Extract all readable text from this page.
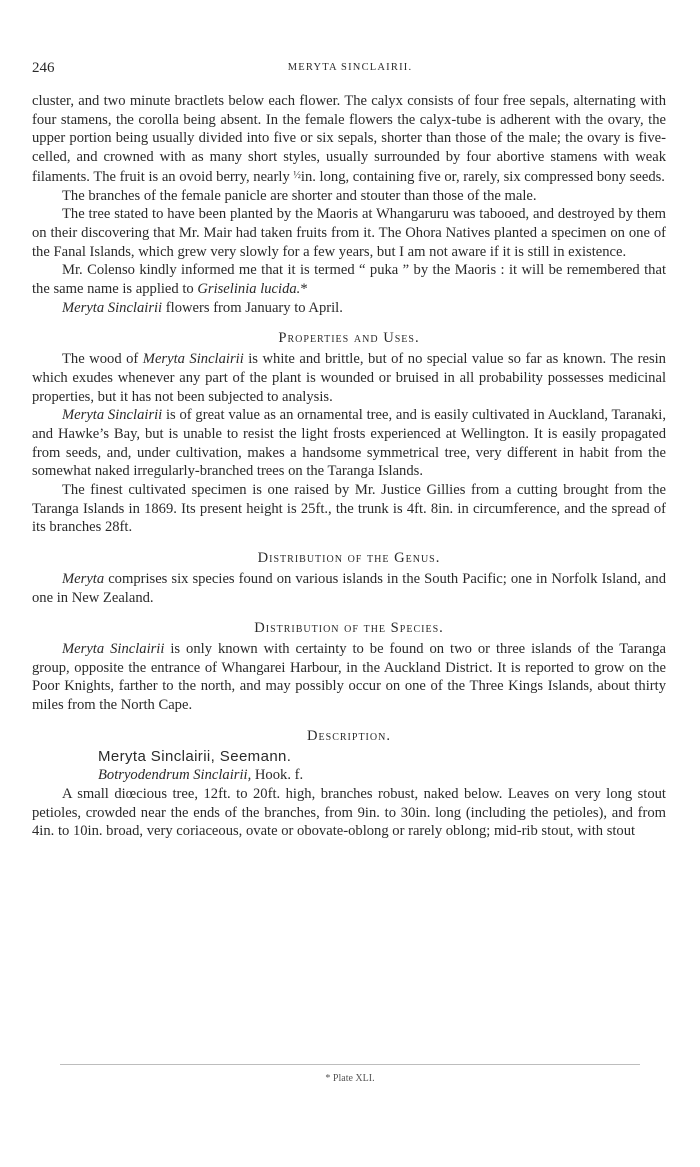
246	MERYTA SINCLAIRII.

cluster, and two minute bractlets below each flower. The calyx consists of four free sepals, alternating with four stamens, the corolla being absent. In the female flowers the calyx-tube is adherent with the ovary, the upper portion being usually divided into five or six sepals, shorter than those of the male; the ovary is five-celled, and crowned with as many short styles, usually surrounded by four abortive stamens with weak filaments. The fruit is an ovoid berry, nearly $^{\frac{1}{2}}$in. long, containing five or, rarely, six compressed bony seeds.

The branches of the female panicle are shorter and stouter than those of the male.

The tree stated to have been planted by the Maoris at Whangaruru was tabooed, and destroyed by them on their discovering that Mr. Mair had taken fruits from it. The Ohora Natives planted a specimen on one of the Fanal Islands, which grew very slowly for a few years, but I am not aware if it is still in existence.

Mr. Colenso kindly informed me that it is termed “ puka ” by the Maoris : it will be remembered that the same name is applied to Griselinia lucida.*

Meryta Sinclairii flowers from January to April.

Properties and Uses.

The wood of Meryta Sinclairii is white and brittle, but of no special value so far as known. The resin which exudes whenever any part of the plant is wounded or bruised in all probability possesses medicinal properties, but it has not been subjected to analysis.

Meryta Sinclairii is of great value as an ornamental tree, and is easily cultivated in Auckland, Taranaki, and Hawke’s Bay, but is unable to resist the light frosts experienced at Wellington. It is easily propagated from seeds, and, under cultivation, makes a handsome symmetrical tree, very different in habit from the somewhat naked irregularly-branched trees on the Taranga Islands.

The finest cultivated specimen is one raised by Mr. Justice Gillies from a cutting brought from the Taranga Islands in 1869. Its present height is 25ft., the trunk is 4ft. 8in. in circumference, and the spread of its branches 28ft.

Distribution of the Genus.

Meryta comprises six species found on various islands in the South Pacific; one in Norfolk Island, and one in New Zealand.

Distribution of the Species.

Meryta Sinclairii is only known with certainty to be found on two or three islands of the Taranga group, opposite the entrance of Whangarei Harbour, in the Auckland District. It is reported to grow on the Poor Knights, farther to the north, and may possibly occur on one of the Three Kings Islands, about thirty miles from the North Cape.

Description.
Meryta Sinclairii, Seemann.
Botryodendrum Sinclairii, Hook. f.

A small diœcious tree, 12ft. to 20ft. high, branches robust, naked below. Leaves on very long stout petioles, crowded near the ends of the branches, from 9in. to 30in. long (including the petioles), and from 4in. to 10in. broad, very coriaceous, ovate or obovate-oblong or rarely oblong; mid-rib stout, with stout

* Plate XLI.
